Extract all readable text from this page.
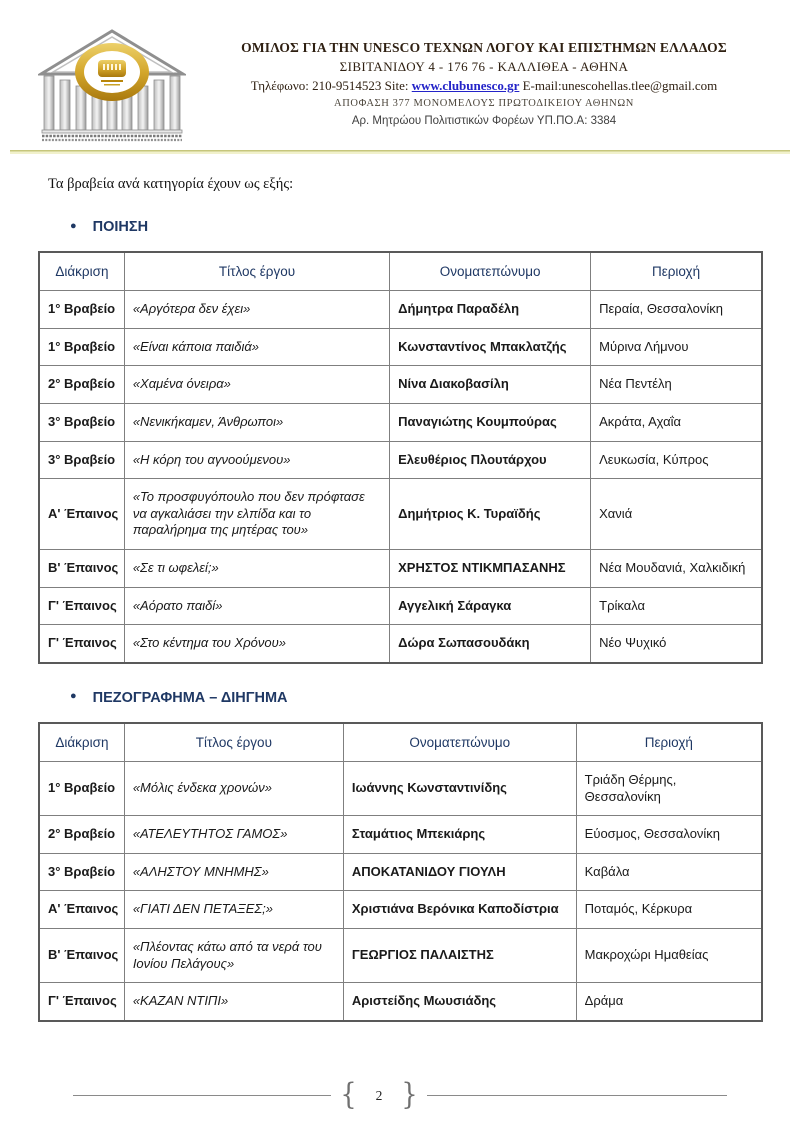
ΟΜΙΛΟΣ ΓΙΑ ΤΗΝ UNESCO ΤΕΧΝΩΝ ΛΟΓΟΥ ΚΑΙ ΕΠΙΣΤΗΜΩΝ ΕΛΛΑΔΟΣ
ΣΙΒΙΤΑΝΙΔΟΥ 4 - 176 76 - ΚΑΛΛΙΘΕΑ - ΑΘΗΝΑ
Τηλέφωνο: 210-9514523 Site: www.clubunesco.gr E-mail:unescohellas.tlee@gmail.com
ΑΠΟΦΑΣΗ 377 ΜΟΝΟΜΕΛΟΥΣ ΠΡΩΤΟΔΙΚΕΙΟΥ ΑΘΗΝΩΝ
Αρ. Μητρώου Πολιτιστικών Φορέων ΥΠ.ΠΟ.Α: 3384

Τα βραβεία ανά κατηγορία έχουν ως εξής:

● ΠΟΙΗΣΗ
Διάκριση	Τίτλος έργου	Ονοματεπώνυμο	Περιοχή
1° Βραβείο	«Αργότερα δεν έχει»	Δήμητρα Παραδέλη	Περαία, Θεσσαλονίκη
1° Βραβείο	«Είναι κάποια παιδιά»	Κωνσταντίνος Μπακλατζής	Μύρινα Λήμνου
2° Βραβείο	«Χαμένα όνειρα»	Νίνα Διακοβασίλη	Νέα Πεντέλη
3° Βραβείο	«Νενικήκαμεν, Άνθρωποι»	Παναγιώτης Κουμπούρας	Ακράτα, Αχαΐα
3° Βραβείο	«Η κόρη του αγνοούμενου»	Ελευθέριος Πλουτάρχου	Λευκωσία, Κύπρος
Α' Έπαινος	«Το προσφυγόπουλο που δεν πρόφτασε να αγκαλιάσει την ελπίδα και το παραλήρημα της μητέρας του»	Δημήτριος Κ. Τυραϊδής	Χανιά
Β' Έπαινος	«Σε τι ωφελεί;»	ΧΡΗΣΤΟΣ ΝΤΙΚΜΠΑΣΑΝΗΣ	Νέα Μουδανιά, Χαλκιδική
Γ' Έπαινος	«Αόρατο παιδί»	Αγγελική Σάραγκα	Τρίκαλα
Γ' Έπαινος	«Στο κέντημα του Χρόνου»	Δώρα Σωπασουδάκη	Νέο Ψυχικό
● ΠΕΖΟΓΡΑΦΗΜΑ – ΔΙΗΓΗΜΑ
Διάκριση	Τίτλος έργου	Ονοματεπώνυμο	Περιοχή
1° Βραβείο	«Μόλις ένδεκα χρονών»	Ιωάννης Κωνσταντινίδης	Τριάδη Θέρμης, Θεσσαλονίκη
2° Βραβείο	«ΑΤΕΛΕΥΤΗΤΟΣ ΓΑΜΟΣ»	Σταμάτιος Μπεκιάρης	Εύοσμος, Θεσσαλονίκη
3° Βραβείο	«ΑΛΗΣΤΟΥ ΜΝΗΜΗΣ»	ΑΠΟΚΑΤΑΝΙΔΟΥ ΓΙΟΥΛΗ	Καβάλα
Α' Έπαινος	«ΓΙΑΤΙ ΔΕΝ ΠΕΤΑΞΕΣ;»	Χριστιάνα Βερόνικα Καποδίστρια	Ποταμός, Κέρκυρα
Β' Έπαινος	«Πλέοντας κάτω από τα νερά του Ιονίου Πελάγους»	ΓΕΩΡΓΙΟΣ ΠΑΛΑΙΣΤΗΣ	Μακροχώρι Ημαθείας
Γ' Έπαινος	«ΚΑΖΑΝ ΝΤΙΠΙ»	Αριστείδης Μωυσιάδης	Δράμα
{	2 }
